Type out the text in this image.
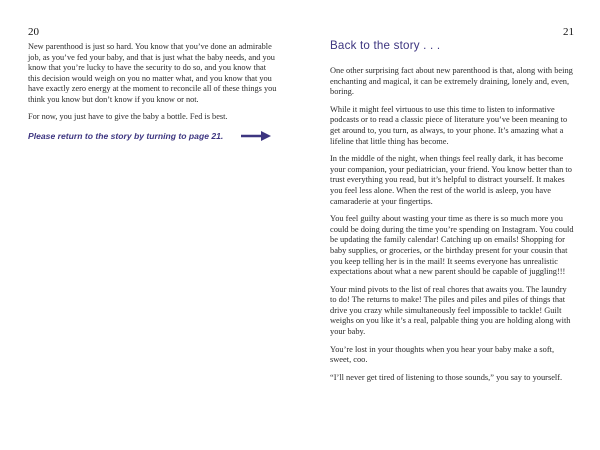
20

New parenthood is just so hard. You know that you’ve done an admirable job, as you’ve fed your baby, and that is just what the baby needs, and you know that you’re lucky to have the security to do so, and you know that this decision would weigh on you no matter what, and you know that you have exactly zero energy at the moment to reconcile all of these things you think you know but don’t know if you know or not.

For now, you just have to give the baby a bottle. Fed is best.

Please return to the story by turning to page 21.
21
Back to the story . . .

One other surprising fact about new parenthood is that, along with being enchanting and magical, it can be extremely draining, lonely and, even, boring.

While it might feel virtuous to use this time to listen to informative podcasts or to read a classic piece of literature you’ve been meaning to get around to, you turn, as always, to your phone. It’s amazing what a lifeline that little thing has become.

In the middle of the night, when things feel really dark, it has become your companion, your pediatrician, your friend. You know better than to trust everything you read, but it’s helpful to distract yourself. It makes you feel less alone. When the rest of the world is asleep, you have camaraderie at your fingertips.

You feel guilty about wasting your time as there is so much more you could be doing during the time you’re spending on Instagram. You could be updating the family calendar! Catching up on emails! Shopping for baby supplies, or groceries, or the birthday present for your cousin that you keep telling her is in the mail! It seems everyone has unrealistic expectations about what a new parent should be capable of juggling!!!

Your mind pivots to the list of real chores that awaits you. The laundry to do! The returns to make! The piles and piles and piles of things that drive you crazy while simultaneously feel impossible to tackle! Guilt weighs on you like it’s a real, palpable thing you are holding along with your baby.

You’re lost in your thoughts when you hear your baby make a soft, sweet, coo.

“I’ll never get tired of listening to those sounds,” you say to yourself.
